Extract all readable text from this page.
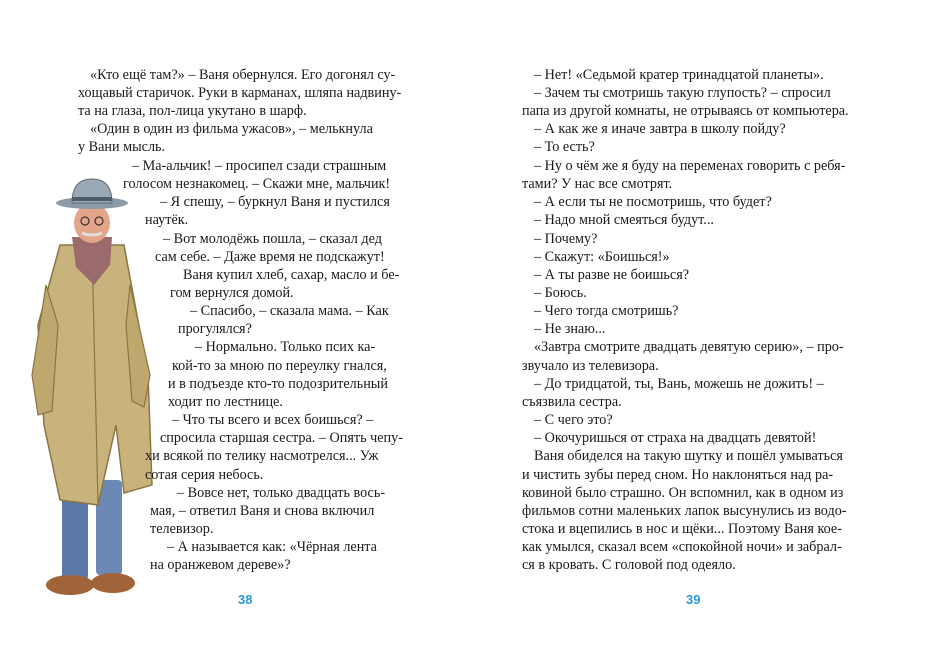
«Кто ещё там?» – Ваня обернулся. Его догонял су-
хощавый старичок. Руки в карманах, шляпа надвину-
та на глаза, пол-лица укутано в шарф.
«Один в один из фильма ужасов», – мелькнула
у Вани мысль.
– Ма-альчик! – просипел сзади страшным
голосом незнакомец. – Скажи мне, мальчик!
– Я спешу, – буркнул Ваня и пустился
наутёк.
– Вот молодёжь пошла, – сказал дед
сам себе. – Даже время не подскажут!
Ваня купил хлеб, сахар, масло и бе-
гом вернулся домой.
– Спасибо, – сказала мама. – Как
прогулялся?
– Нормально. Только псих ка-
кой-то за мною по переулку гнался,
и в подъезде кто-то подозрительный
ходит по лестнице.
– Что ты всего и всех боишься? –
спросила старшая сестра. – Опять чепу-
хи всякой по телику насмотрелся... Уж
сотая серия небось.
– Вовсе нет, только двадцать вось-
мая, – ответил Ваня и снова включил
телевизор.
– А называется как: «Чёрная лента
на оранжевом дереве»?
38
– Нет! «Седьмой кратер тринадцатой планеты».
– Зачем ты смотришь такую глупость? – спросил
папа из другой комнаты, не отрываясь от компьютера.
– А как же я иначе завтра в школу пойду?
– То есть?
– Ну о чём же я буду на переменах говорить с ребя-
тами? У нас все смотрят.
– А если ты не посмотришь, что будет?
– Надо мной смеяться будут...
– Почему?
– Скажут: «Боишься!»
– А ты разве не боишься?
– Боюсь.
– Чего тогда смотришь?
– Не знаю...
«Завтра смотрите двадцать девятую серию», – про-
звучало из телевизора.
– До тридцатой, ты, Вань, можешь не дожить! –
съязвила сестра.
– С чего это?
– Окочуришься от страха на двадцать девятой!
Ваня обиделся на такую шутку и пошёл умываться
и чистить зубы перед сном. Но наклоняться над ра-
ковиной было страшно. Он вспомнил, как в одном из
фильмов сотни маленьких лапок высунулись из водо-
стока и вцепились в нос и щёки... Поэтому Ваня кое-
как умылся, сказал всем «спокойной ночи» и забрал-
ся в кровать. С головой под одеяло.
39
